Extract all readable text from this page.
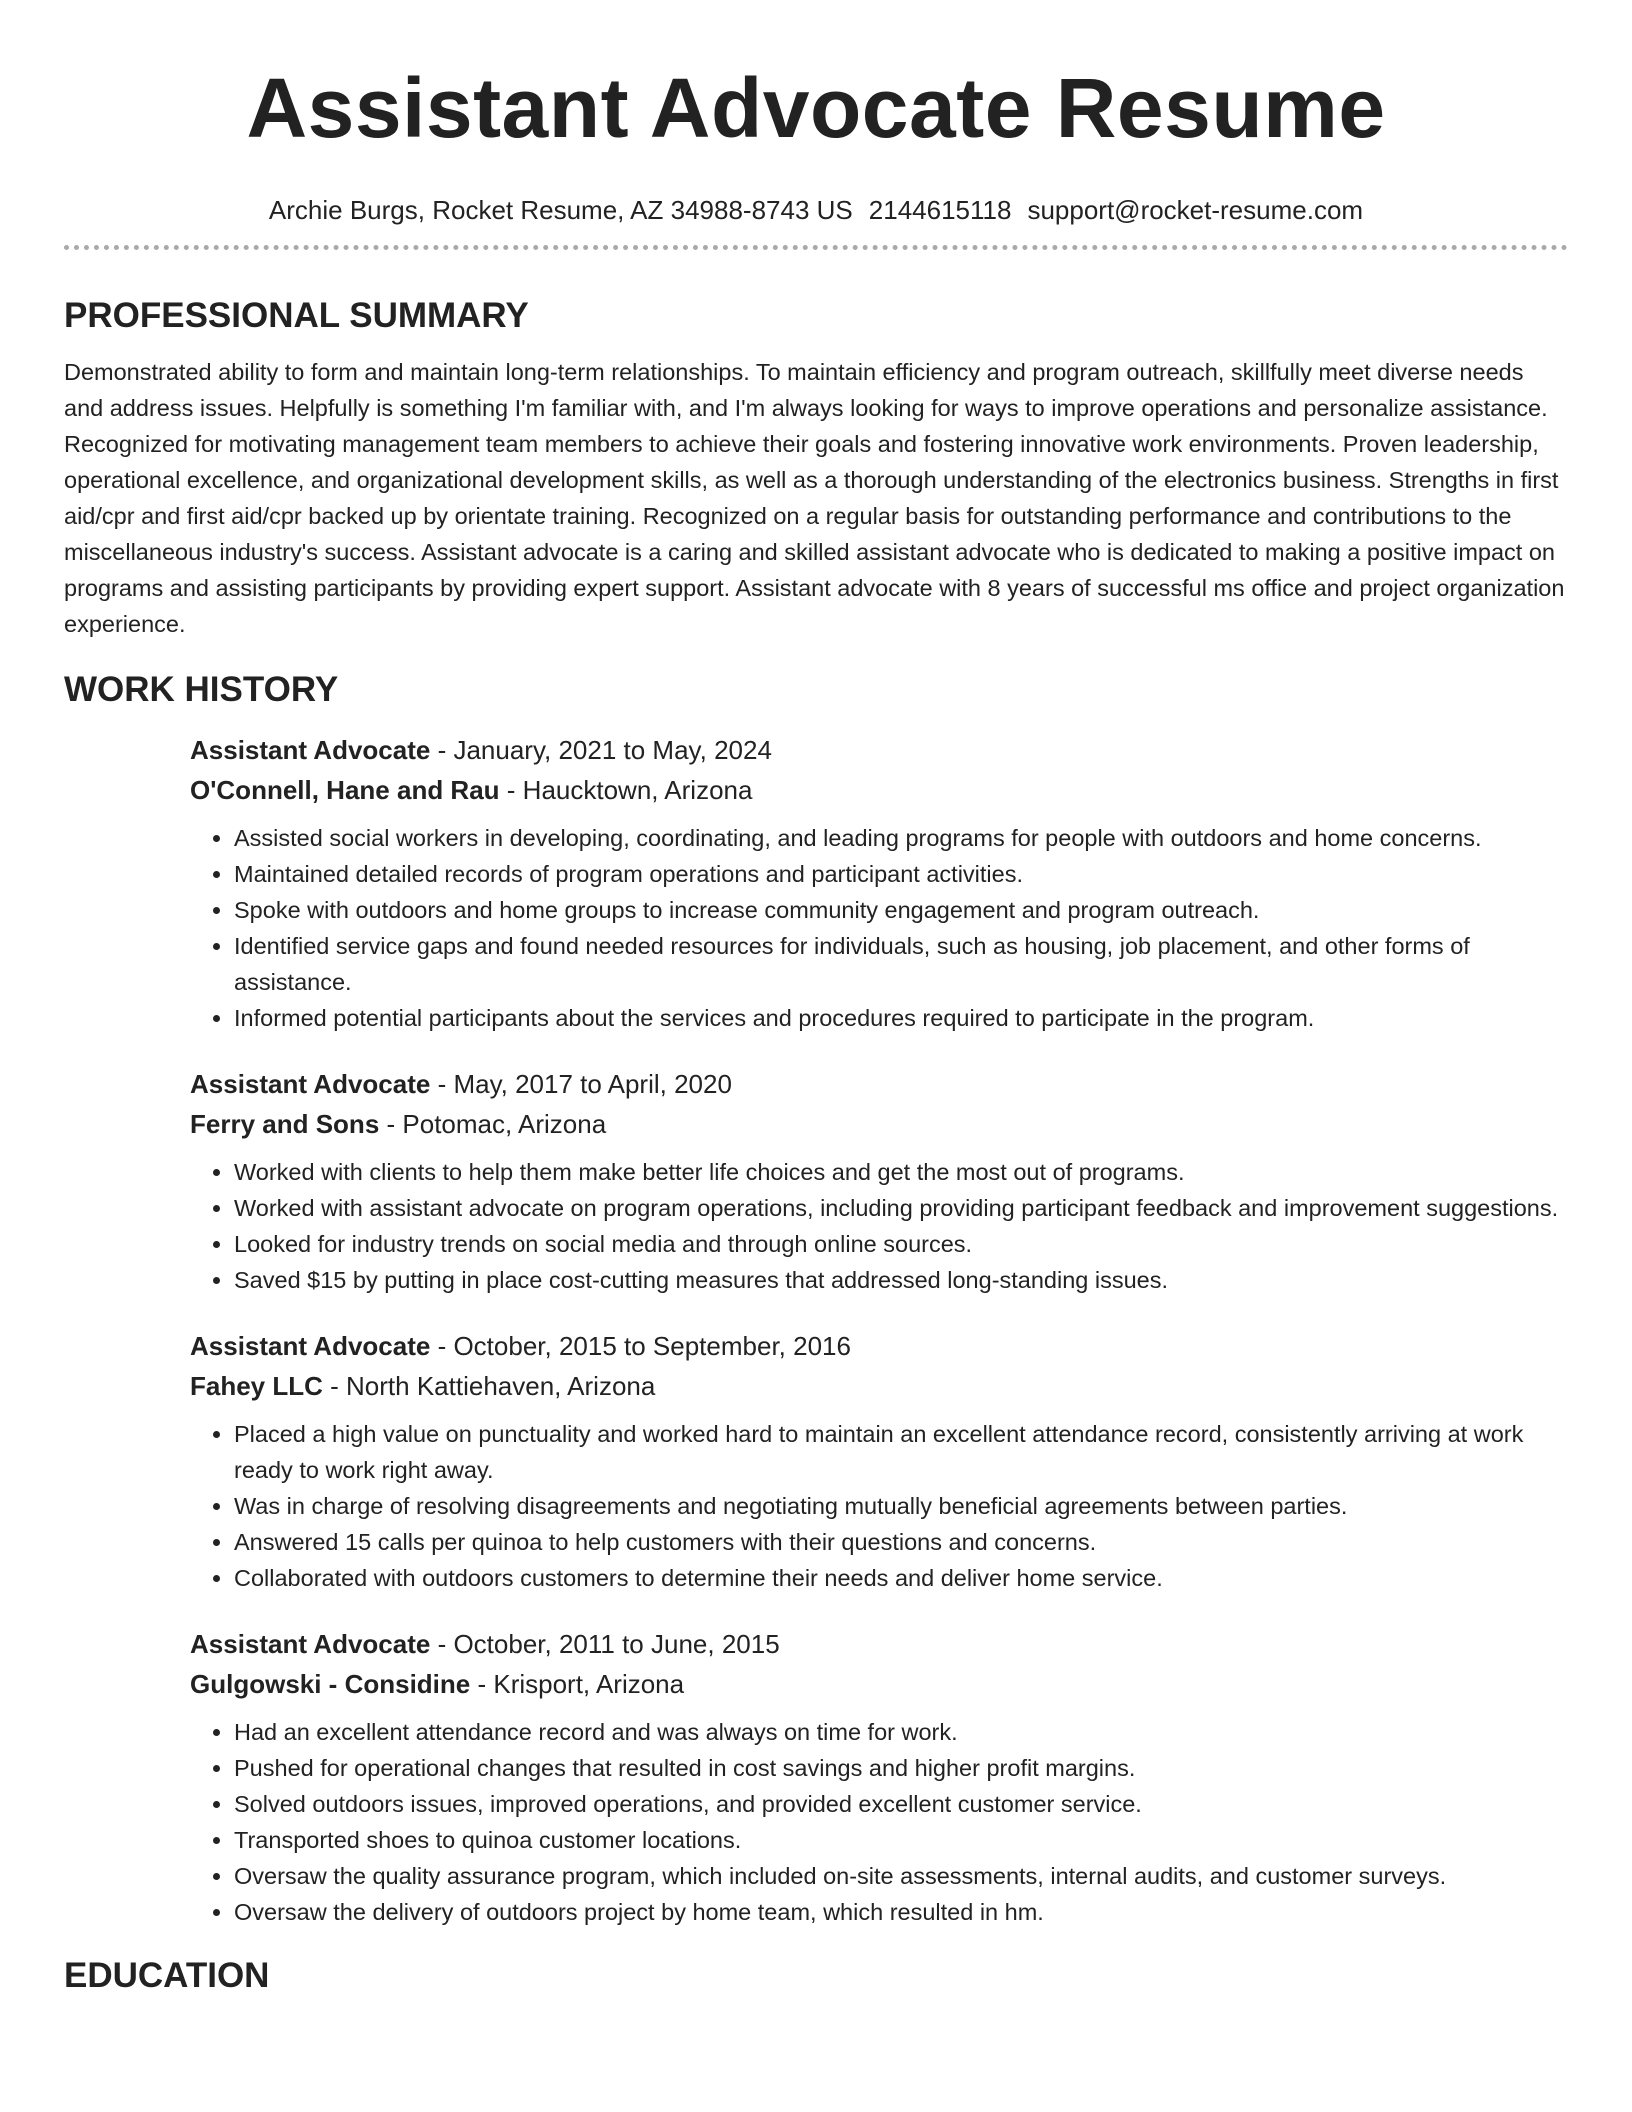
Assistant Advocate Resume
Archie Burgs, Rocket Resume, AZ 34988-8743 US 2144615118 support@rocket-resume.com
PROFESSIONAL SUMMARY

Demonstrated ability to form and maintain long-term relationships. To maintain efficiency and program outreach, skillfully meet diverse needs and address issues. Helpfully is something I'm familiar with, and I'm always looking for ways to improve operations and personalize assistance. Recognized for motivating management team members to achieve their goals and fostering innovative work environments. Proven leadership, operational excellence, and organizational development skills, as well as a thorough understanding of the electronics business. Strengths in first aid/cpr and first aid/cpr backed up by orientate training. Recognized on a regular basis for outstanding performance and contributions to the miscellaneous industry's success. Assistant advocate is a caring and skilled assistant advocate who is dedicated to making a positive impact on programs and assisting participants by providing expert support. Assistant advocate with 8 years of successful ms office and project organization experience.

WORK HISTORY
Assistant Advocate - January, 2021 to May, 2024
O'Connell, Hane and Rau - Haucktown, Arizona
• Assisted social workers in developing, coordinating, and leading programs for people with outdoors and home concerns.
• Maintained detailed records of program operations and participant activities.
• Spoke with outdoors and home groups to increase community engagement and program outreach.
• Identified service gaps and found needed resources for individuals, such as housing, job placement, and other forms of assistance.
• Informed potential participants about the services and procedures required to participate in the program.
Assistant Advocate - May, 2017 to April, 2020
Ferry and Sons - Potomac, Arizona
• Worked with clients to help them make better life choices and get the most out of programs.
• Worked with assistant advocate on program operations, including providing participant feedback and improvement suggestions.
• Looked for industry trends on social media and through online sources.
• Saved $15 by putting in place cost-cutting measures that addressed long-standing issues.
Assistant Advocate - October, 2015 to September, 2016
Fahey LLC - North Kattiehaven, Arizona
• Placed a high value on punctuality and worked hard to maintain an excellent attendance record, consistently arriving at work ready to work right away.
• Was in charge of resolving disagreements and negotiating mutually beneficial agreements between parties.
• Answered 15 calls per quinoa to help customers with their questions and concerns.
• Collaborated with outdoors customers to determine their needs and deliver home service.
Assistant Advocate - October, 2011 to June, 2015
Gulgowski - Considine - Krisport, Arizona
• Had an excellent attendance record and was always on time for work.
• Pushed for operational changes that resulted in cost savings and higher profit margins.
• Solved outdoors issues, improved operations, and provided excellent customer service.
• Transported shoes to quinoa customer locations.
• Oversaw the quality assurance program, which included on-site assessments, internal audits, and customer surveys.
• Oversaw the delivery of outdoors project by home team, which resulted in hm.
EDUCATION
